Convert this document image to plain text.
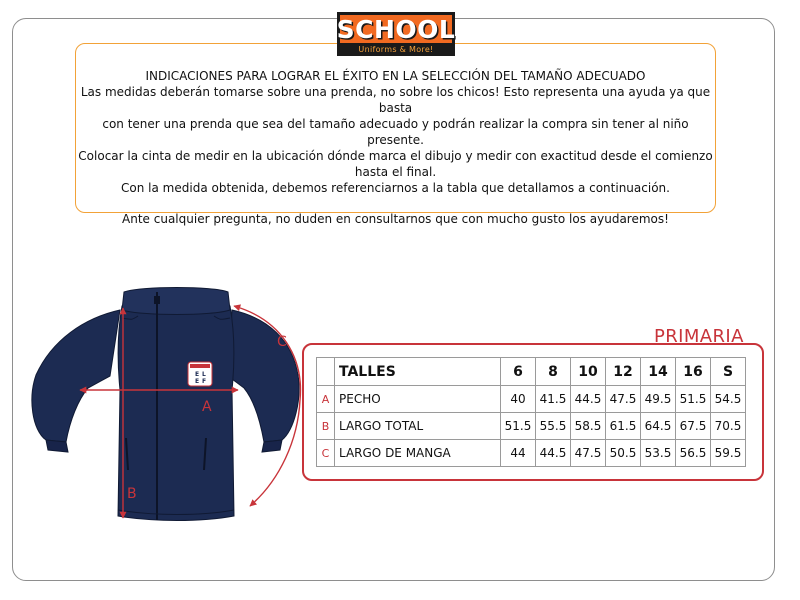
SCHOOL
Uniforms & More!

INDICACIONES PARA LOGRAR EL ÉXITO EN LA SELECCIÓN DEL TAMAÑO ADECUADO

Las medidas deberán tomarse sobre una prenda, no sobre los chicos! Esto representa una ayuda ya que basta

con tener una prenda que sea del tamaño adecuado y podrán realizar la compra sin tener al niño presente.

Colocar la cinta de medir en la ubicación dónde marca el dibujo y medir con exactitud desde el comienzo

hasta el final.

Con la medida obtenida, debemos referenciarnos a la tabla que detallamos a continuación.

Ante cualquier pregunta, no duden en consultarnos que con mucho gusto los ayudaremos!

E L
E F
A
B
C	PRIMARIA
	TALLES	6	8	10	12	14	16	S
A	PECHO	40	41.5	44.5	47.5	49.5	51.5	54.5
B	LARGO TOTAL	51.5	55.5	58.5	61.5	64.5	67.5	70.5
C	LARGO DE MANGA	44	44.5	47.5	50.5	53.5	56.5	59.5
